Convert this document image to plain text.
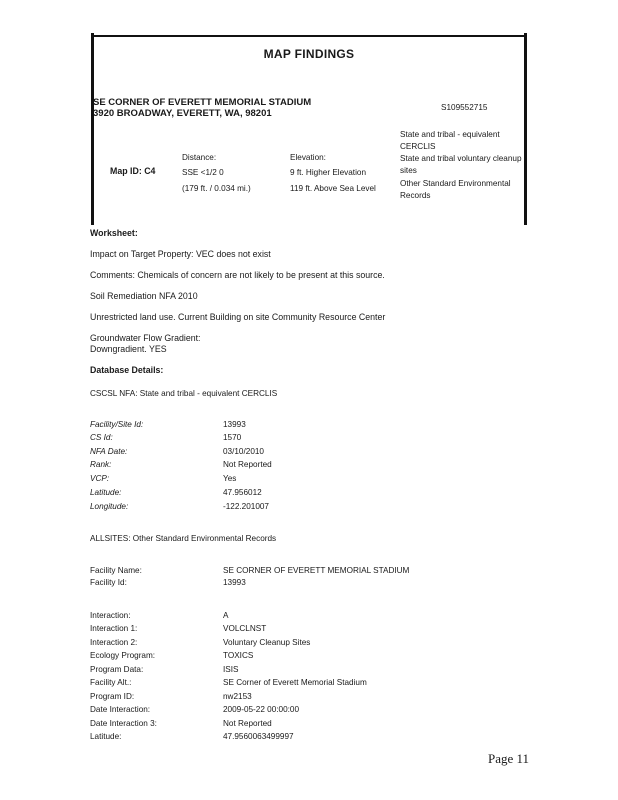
MAP FINDINGS
SE CORNER OF EVERETT MEMORIAL STADIUM
3920 BROADWAY, EVERETT, WA, 98201
S109552715
Map ID: C4
Distance:
SSE <1/2 0
(179 ft. / 0.034 mi.)
Elevation:
9 ft. Higher Elevation
119 ft. Above Sea Level
State and tribal - equivalent
CERCLIS
State and tribal voluntary cleanup
sites
Other Standard Environmental
Records
Worksheet:
Impact on Target Property: VEC does not exist
Comments: Chemicals of concern are not likely to be present at this source.
Soil Remediation NFA 2010
Unrestricted land use. Current Building on site Community Resource Center
Groundwater Flow Gradient:
Downgradient. YES
Database Details:
CSCSL NFA: State and tribal - equivalent CERCLIS
Facility/Site Id:	13993
CS Id:	1570
NFA Date:	03/10/2010
Rank:	Not Reported
VCP:	Yes
Latitude:	47.956012
Longitude:	-122.201007
ALLSITES: Other Standard Environmental Records
Facility Name:	SE CORNER OF EVERETT MEMORIAL STADIUM
Facility Id:	13993
Interaction:	A
Interaction 1:	VOLCLNST
Interaction 2:	Voluntary Cleanup Sites
Ecology Program:	TOXICS
Program Data:	ISIS
Facility Alt.:	SE Corner of Everett Memorial Stadium
Program ID:	nw2153
Date Interaction:	2009-05-22 00:00:00
Date Interaction 3:	Not Reported
Latitude:	47.9560063499997
Page 11
